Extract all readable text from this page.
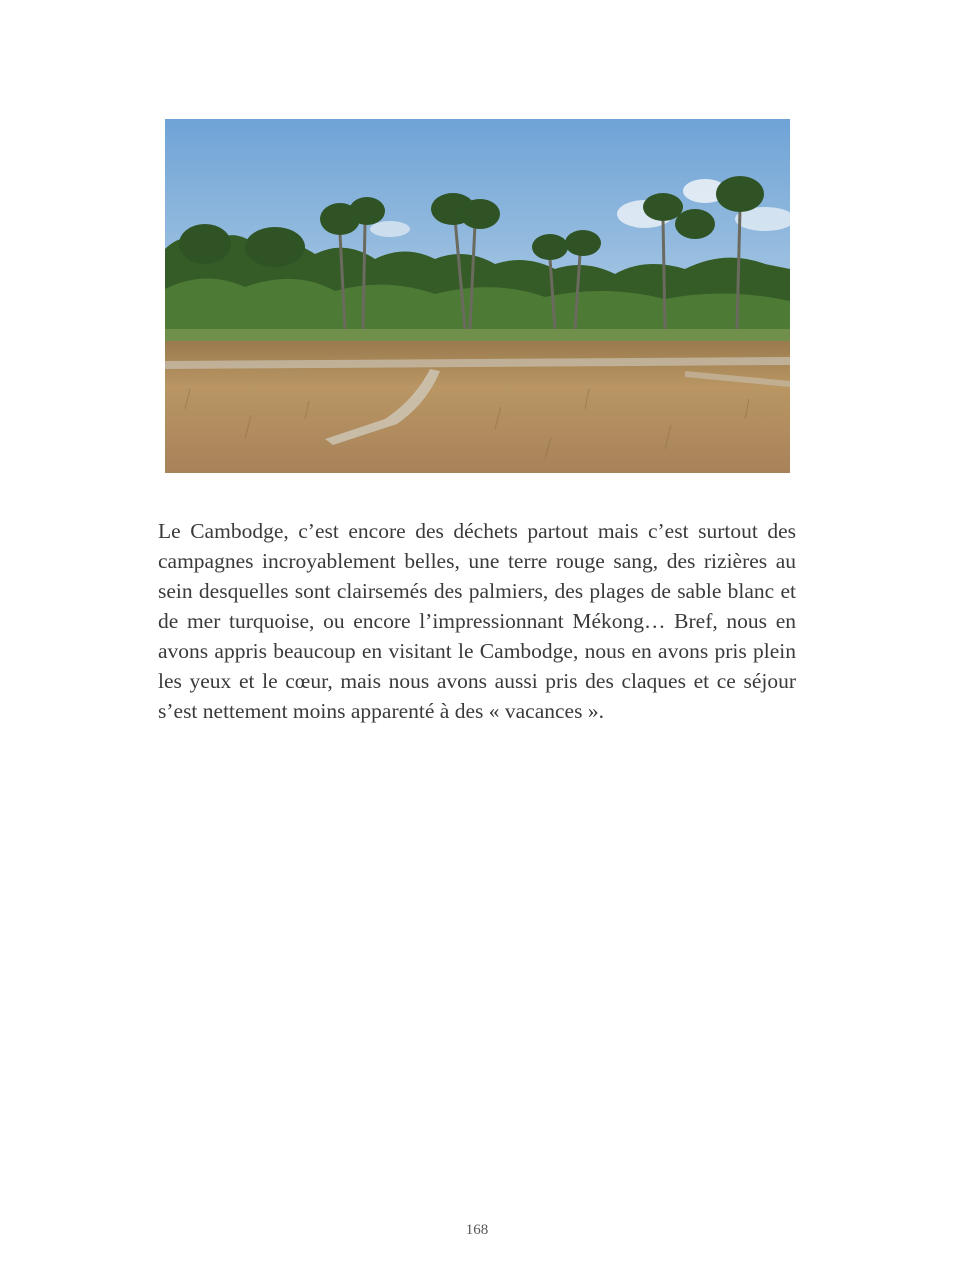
Le Cambodge, c’est encore des déchets partout mais c’est surtout des campagnes incroyablement belles, une terre rouge sang, des rizières au sein desquelles sont clairsemés des palmiers, des plages de sable blanc et de mer turquoise, ou encore l’impressionnant Mékong… Bref, nous en avons appris beaucoup en visitant le Cambodge, nous en avons pris plein les yeux et le cœur, mais nous avons aussi pris des claques et ce séjour s’est nettement moins apparenté à des « vacances ».

168
